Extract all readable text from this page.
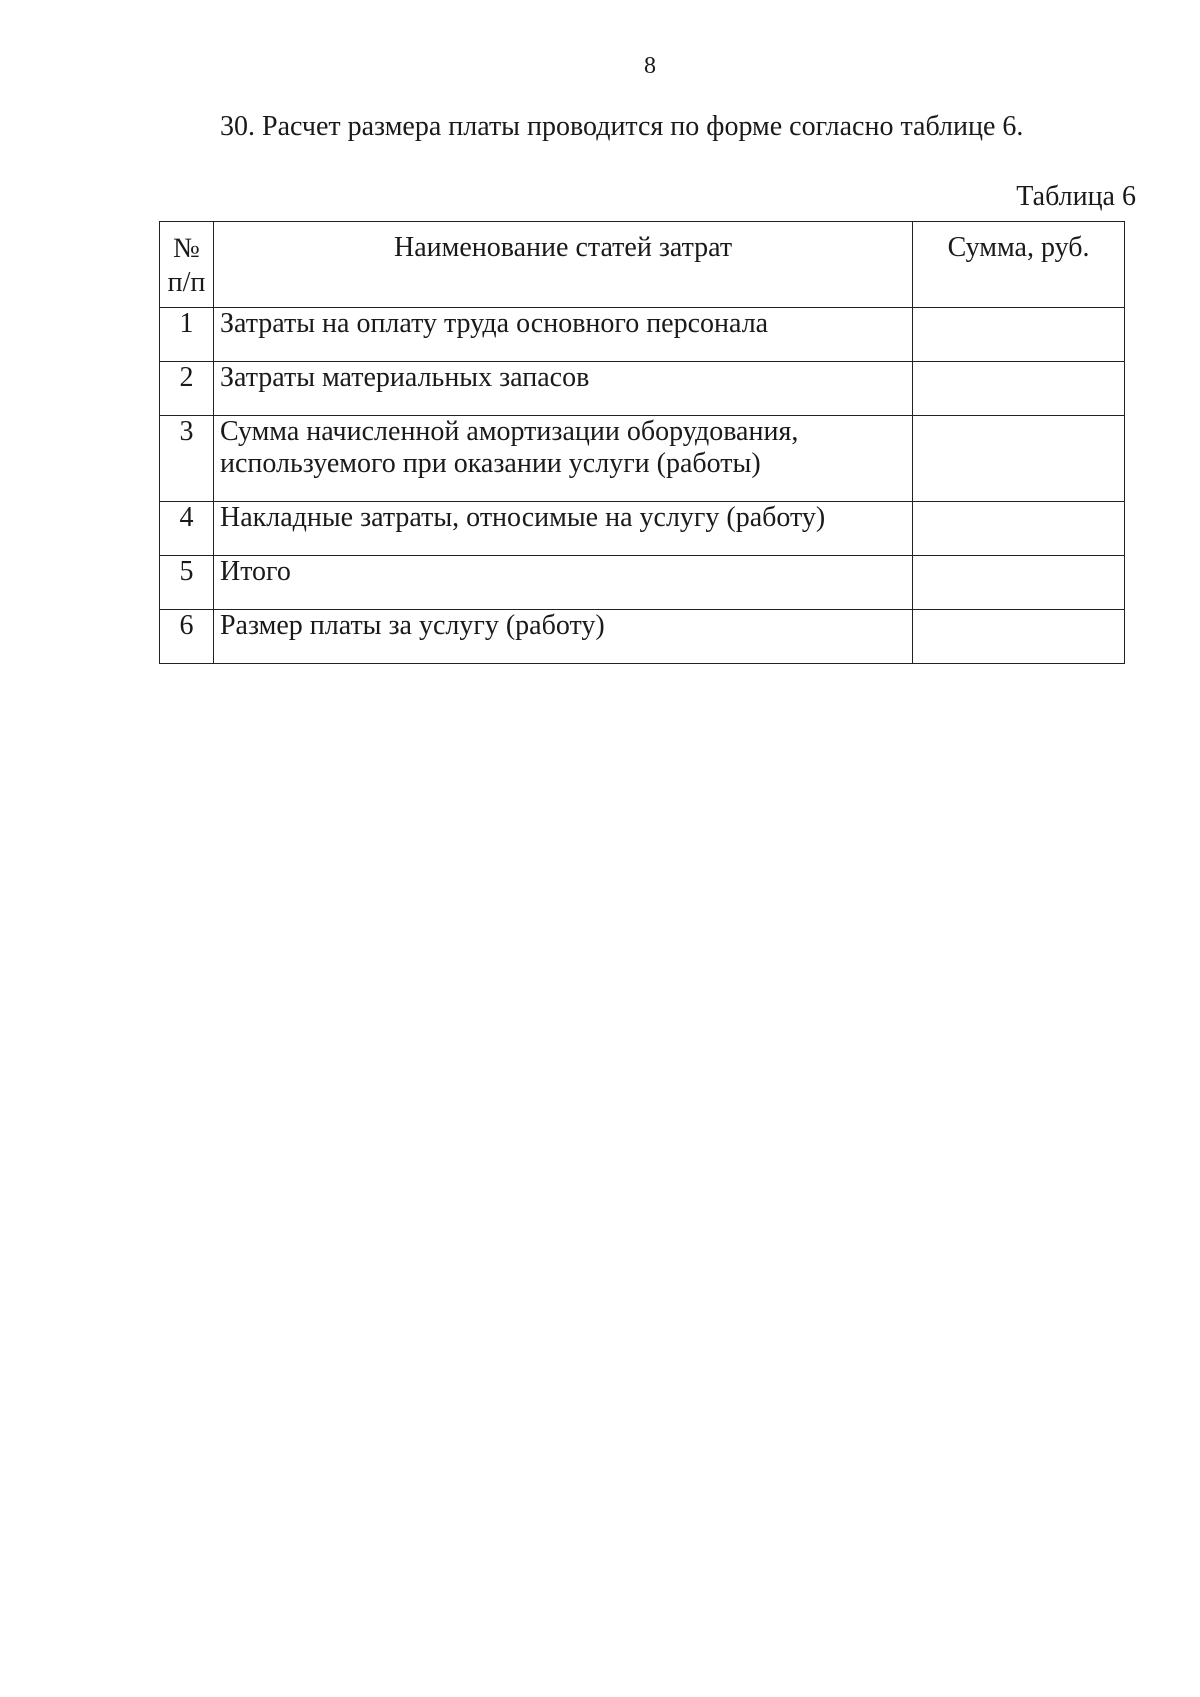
8
30. Расчет размера платы проводится по форме согласно таблице 6.
Таблица 6
№
п/п	Наименование статей затрат	Сумма, руб.
1	Затраты на оплату труда основного персонала	
2	Затраты материальных запасов	
3	Сумма начисленной амортизации оборудования,
используемого при оказании услуги (работы)	

4	Накладные затраты, относимые на услугу (работу)	
5	Итого	
6	Размер платы за услугу (работу)	
